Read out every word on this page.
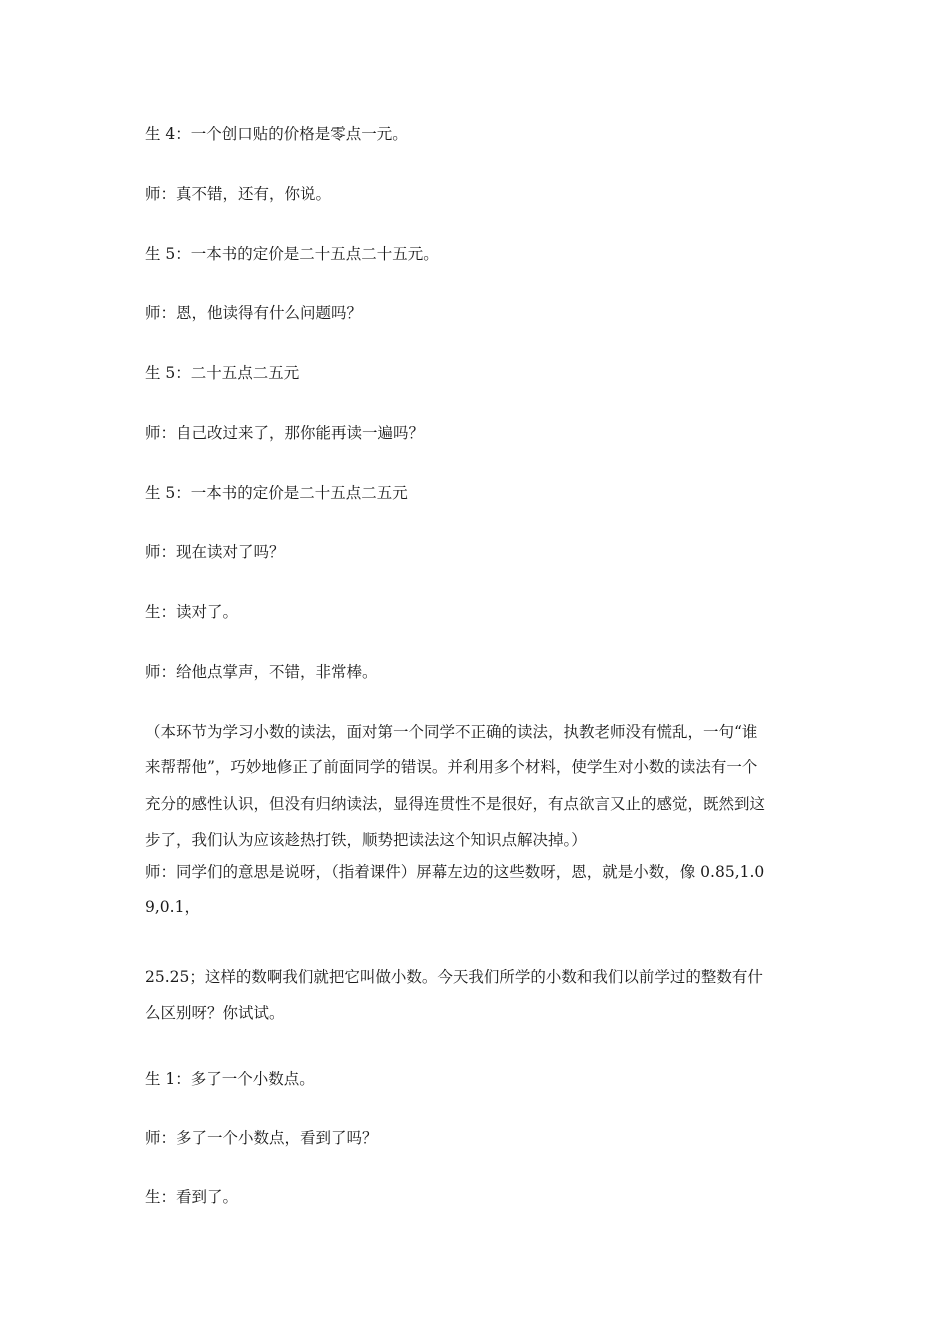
生 4：一个创口贴的价格是零点一元。
师：真不错，还有，你说。
生 5：一本书的定价是二十五点二十五元。
师：恩，他读得有什么问题吗？
生 5：二十五点二五元
师：自己改过来了，那你能再读一遍吗？
生 5：一本书的定价是二十五点二五元
师：现在读对了吗？
生：读对了。
师：给他点掌声，不错，非常棒。
（本环节为学习小数的读法，面对第一个同学不正确的读法，执教老师没有慌乱，一句“谁
来帮帮他”，巧妙地修正了前面同学的错误。并利用多个材料，使学生对小数的读法有一个
充分的感性认识，但没有归纳读法，显得连贯性不是很好，有点欲言又止的感觉，既然到这
步了，我们认为应该趁热打铁，顺势把读法这个知识点解决掉。）
师：同学们的意思是说呀，（指着课件）屏幕左边的这些数呀，恩，就是小数，像 0.85,1.0
9,0.1，
25.25；这样的数啊我们就把它叫做小数。今天我们所学的小数和我们以前学过的整数有什
么区别呀？你试试。
生 1：多了一个小数点。
师：多了一个小数点，看到了吗？
生：看到了。
